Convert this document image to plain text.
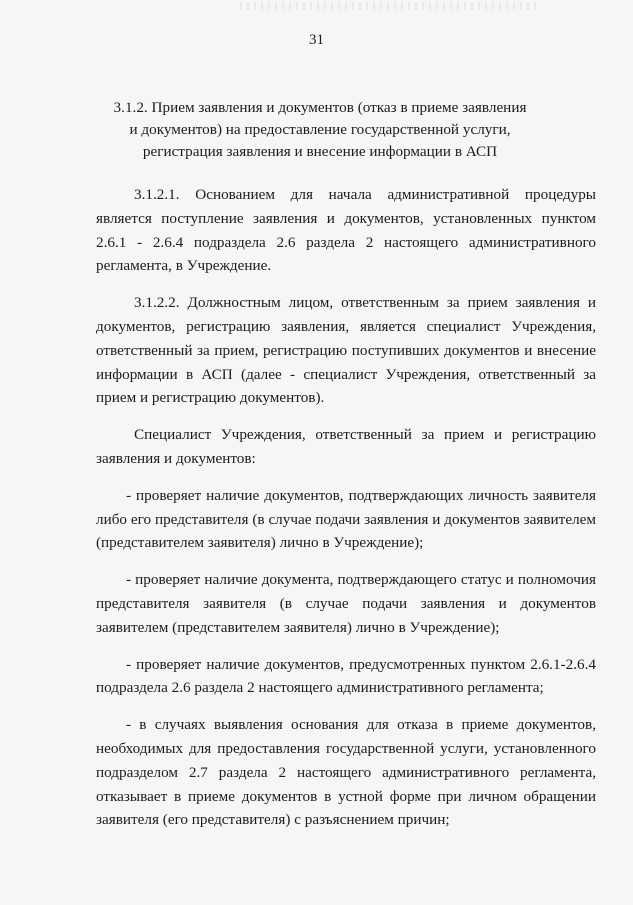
31
3.1.2. Прием заявления и документов (отказ в приеме заявления и документов) на предоставление государственной услуги, регистрация заявления и внесение информации в АСП

3.1.2.1. Основанием для начала административной процедуры является поступление заявления и документов, установленных пунктом 2.6.1 - 2.6.4 подраздела 2.6 раздела 2 настоящего административного регламента, в Учреждение.

3.1.2.2. Должностным лицом, ответственным за прием заявления и документов, регистрацию заявления, является специалист Учреждения, ответственный за прием, регистрацию поступивших документов и внесение информации в АСП (далее - специалист Учреждения, ответственный за прием и регистрацию документов).

Специалист Учреждения, ответственный за прием и регистрацию заявления и документов:

- проверяет наличие документов, подтверждающих личность заявителя либо его представителя (в случае подачи заявления и документов заявителем (представителем заявителя) лично в Учреждение);

- проверяет наличие документа, подтверждающего статус и полномочия представителя заявителя (в случае подачи заявления и документов заявителем (представителем заявителя) лично в Учреждение);

- проверяет наличие документов, предусмотренных пунктом 2.6.1-2.6.4 подраздела 2.6 раздела 2 настоящего административного регламента;

- в случаях выявления основания для отказа в приеме документов, необходимых для предоставления государственной услуги, установленного подразделом 2.7 раздела 2 настоящего административного регламента, отказывает в приеме документов в устной форме при личном обращении заявителя (его представителя) с разъяснением причин;
